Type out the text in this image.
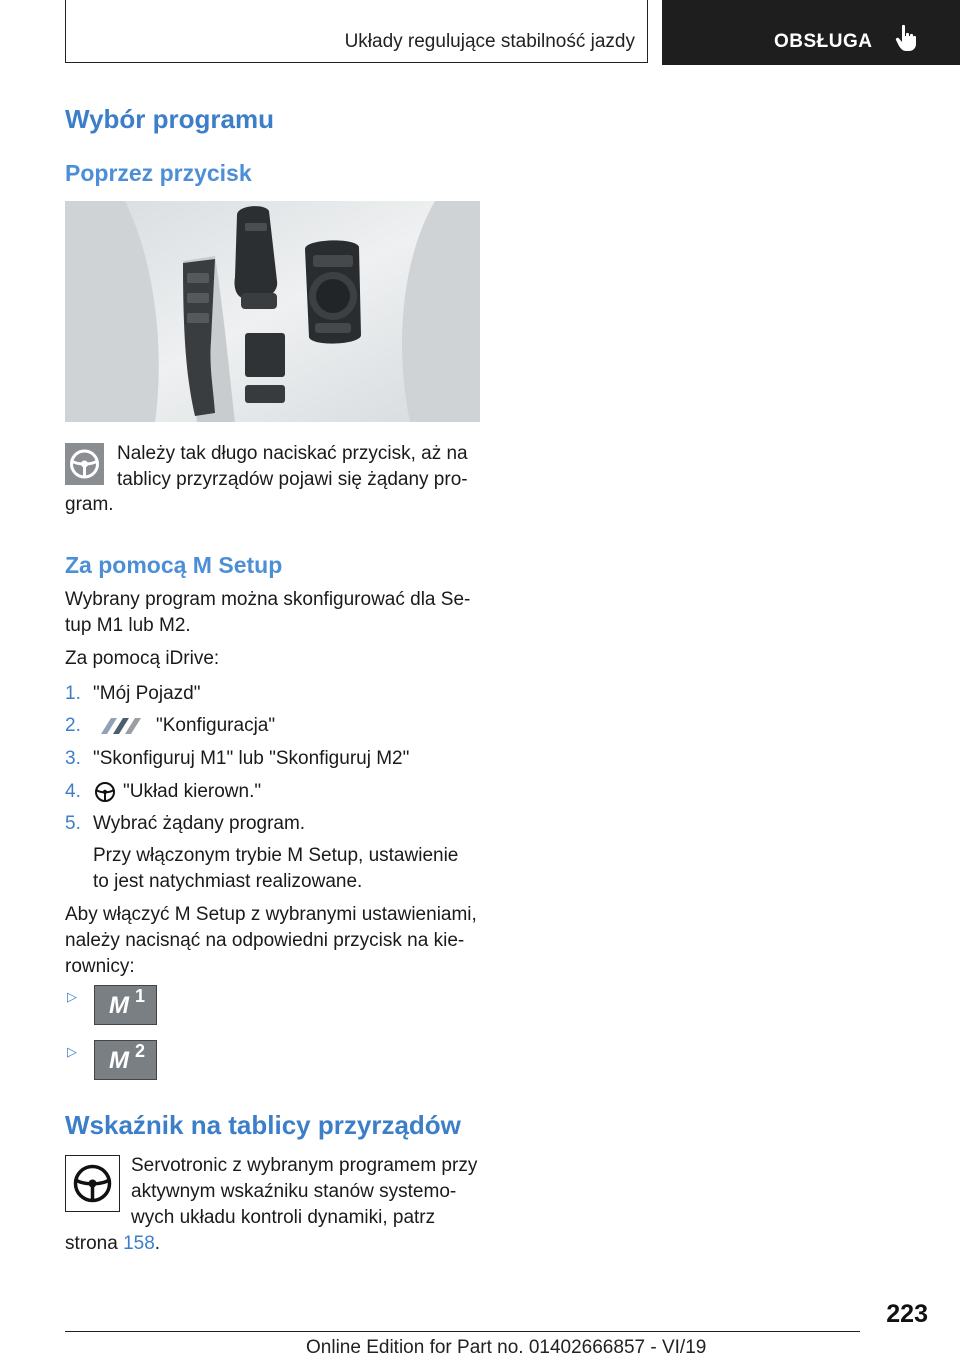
Układy regulujące stabilność jazdy	OBSŁUGA
Wybór programu
Poprzez przycisk
Należy tak długo naciskać przycisk, aż na
tablicy przyrządów pojawi się żądany pro-
gram.
Za pomocą M Setup
Wybrany program można skonfigurować dla Se-
tup M1 lub M2.
Za pomocą iDrive:
1. "Mój Pojazd"
2.	"Konfiguracja"
3. "Skonfiguruj M1" lub "Skonfiguruj M2"
4. "Układ kierown."
5. Wybrać żądany program.
Przy włączonym trybie M Setup, ustawienie
to jest natychmiast realizowane.
Aby włączyć M Setup z wybranymi ustawieniami,
należy nacisnąć na odpowiedni przycisk na kie-
rownicy:
▷ M 1
▷ M 2
Wskaźnik na tablicy przyrządów
Servotronic z wybranym programem przy
aktywnym wskaźniku stanów systemo-
wych układu kontroli dynamiki, patrz
strona 158.
223
Online Edition for Part no. 01402666857 - VI/19
